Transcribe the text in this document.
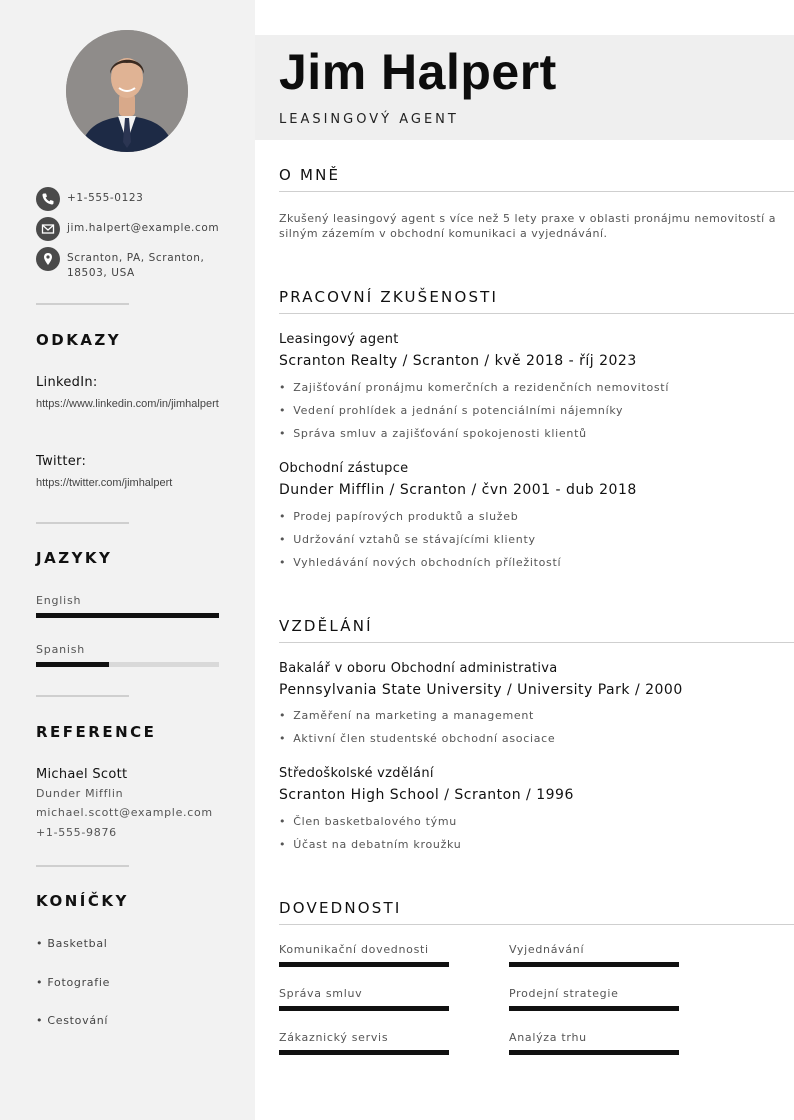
+1-555-0123
jim.halpert@example.com
Scranton, PA, Scranton, 18503, USA
ODKAZY
LinkedIn:
https://www.linkedin.com/in/jimhalpert
Twitter:
https://twitter.com/jimhalpert
JAZYKY
English
Spanish
REFERENCE
Michael Scott
Dunder Mifflin
michael.scott@example.com
+1-555-9876
KONÍČKY
• Basketbal
• Fotografie
• Cestování
Jim Halpert
LEASINGOVÝ AGENT
O MNĚ
Zkušený leasingový agent s více než 5 lety praxe v oblasti pronájmu nemovitostí a silným zázemím v obchodní komunikaci a vyjednávání.
PRACOVNÍ ZKUŠENOSTI
Leasingový agent
Scranton Realty / Scranton / kvě 2018 - říj 2023
• Zajišťování pronájmu komerčních a rezidenčních nemovitostí
• Vedení prohlídek a jednání s potenciálními nájemníky
• Správa smluv a zajišťování spokojenosti klientů
Obchodní zástupce
Dunder Mifflin / Scranton / čvn 2001 - dub 2018
• Prodej papírových produktů a služeb
• Udržování vztahů se stávajícími klienty
• Vyhledávání nových obchodních příležitostí
VZDĚLÁNÍ
Bakalář v oboru Obchodní administrativa
Pennsylvania State University / University Park / 2000
• Zaměření na marketing a management
• Aktivní člen studentské obchodní asociace
Středoškolské vzdělání
Scranton High School / Scranton / 1996
• Člen basketbalového týmu
• Účast na debatním kroužku
DOVEDNOSTI
Komunikační dovednosti	Vyjednávání
Správa smluv	Prodejní strategie
Zákaznický servis	Analýza trhu
